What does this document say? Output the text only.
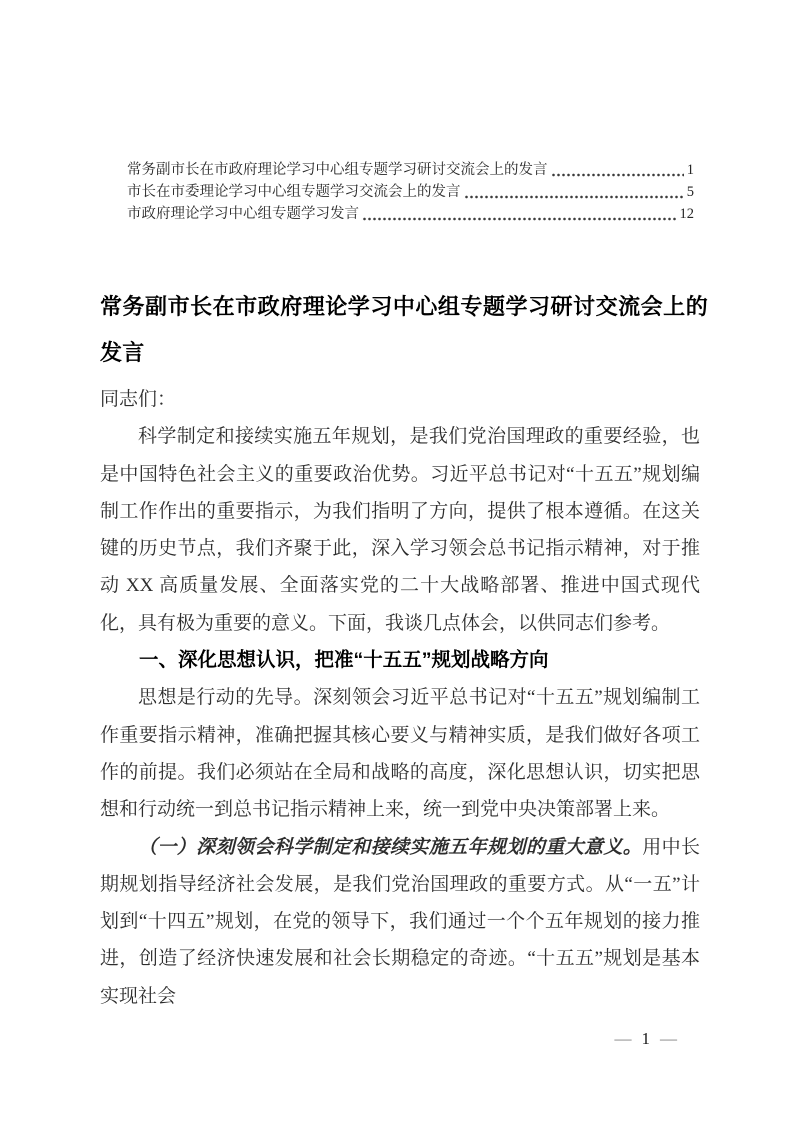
常务副市长在市政府理论学习中心组专题学习研讨交流会上的发言	1
市长在市委理论学习中心组专题学习交流会上的发言	5
市政府理论学习中心组专题学习发言	12
常务副市长在市政府理论学习中心组专题学习研讨交流会上的发言

同志们：

科学制定和接续实施五年规划，是我们党治国理政的重要经验，也是中国特色社会主义的重要政治优势。习近平总书记对“十五五”规划编制工作作出的重要指示，为我们指明了方向，提供了根本遵循。在这关键的历史节点，我们齐聚于此，深入学习领会总书记指示精神，对于推动 XX 高质量发展、全面落实党的二十大战略部署、推进中国式现代化，具有极为重要的意义。下面，我谈几点体会，以供同志们参考。

一、深化思想认识，把准“十五五”规划战略方向

思想是行动的先导。深刻领会习近平总书记对“十五五”规划编制工作重要指示精神，准确把握其核心要义与精神实质，是我们做好各项工作的前提。我们必须站在全局和战略的高度，深化思想认识，切实把思想和行动统一到总书记指示精神上来，统一到党中央决策部署上来。

（一）深刻领会科学制定和接续实施五年规划的重大意义。用中长期规划指导经济社会发展，是我们党治国理政的重要方式。从“一五”计划到“十四五”规划，在党的领导下，我们通过一个个五年规划的接力推进，创造了经济快速发展和社会长期稳定的奇迹。“十五五”规划是基本实现社会

— 1 —
